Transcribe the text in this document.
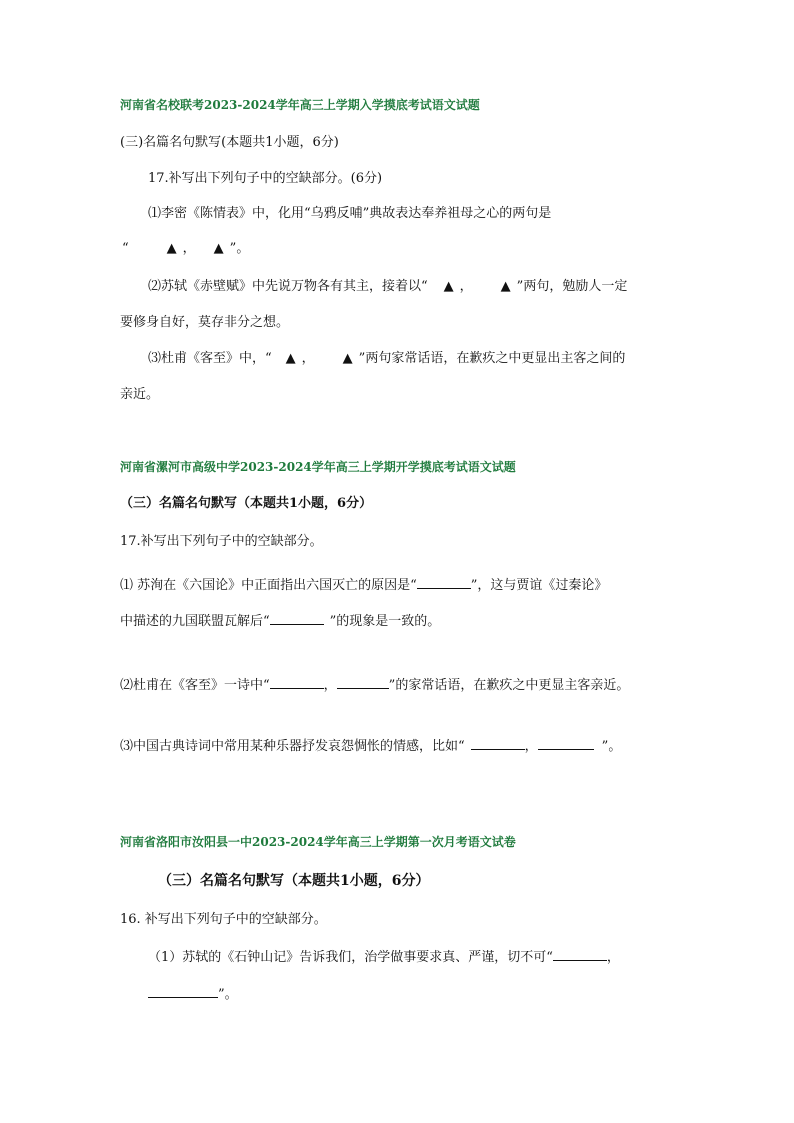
河南省名校联考2023-2024学年高三上学期入学摸底考试语文试题
(三)名篇名句默写(本题共1小题，6分)
17.补写出下列句子中的空缺部分。(6分)
⑴李密《陈情表》中，化用“乌鸦反哺”典故表达奉养祖母之心的两句是
“	▲ ， ▲ ”。
⑵苏轼《赤壁赋》中先说万物各有其主，接着以“ ▲ ， ▲ ”两句，勉励人一定
要修身自好，莫存非分之想。
⑶杜甫《客至》中，“ ▲ ， ▲ ”两句家常话语，在歉疚之中更显出主客之间的
亲近。
河南省漯河市高级中学2023-2024学年高三上学期开学摸底考试语文试题
（三）名篇名句默写（本题共1小题，6分）
17.补写出下列句子中的空缺部分。
⑴ 苏洵在《六国论》中正面指出六国灭亡的原因是“	”，这与贾谊《过秦论》
中描述的九国联盟瓦解后“	”的现象是一致的。
⑵杜甫在《客至》一诗中“	，	”的家常话语，在歉疚之中更显主客亲近。
⑶中国古典诗词中常用某种乐器抒发哀怨惆怅的情感，比如“	，	”。
河南省洛阳市汝阳县一中2023-2024学年高三上学期第一次月考语文试卷
（三）名篇名句默写（本题共1小题，6分）
16. 补写出下列句子中的空缺部分。
（1）苏轼的《石钟山记》告诉我们，治学做事要求真、严谨，切不可“	，
”。
